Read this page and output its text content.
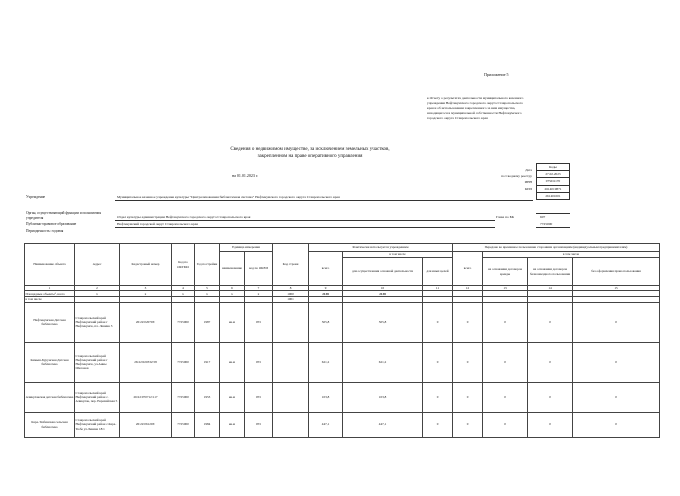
Приложение 5
к Отчету о результатах деятельности муниципального казенного
учреждения Нефтекумского городского округа Ставропольского
края и об использовании закрепленного за ним имущества,
находящегося в муниципальной собственности Нефтекумского
городского округа Ставропольского края
Сведения о недвижимом имуществе, за исключением земельных участков,
закрепленном на праве оперативного управления
на 01.01.2023 г.
Коды
27.02.2023
07SD1170
2614019871
261401001
Дата
по Сводному реестру
ИНН
КПП
Учреждение	Муниципальное казенное учреждение культуры "Централизованная библиотечная система" Нефтекумского городского округа Ставропольского края
Орган, осуществляющий функции и полномочия учредителя	Отдел культуры администрации Нефтекумского городского округа Ставропольского края	Глава по БК	607
Публично-правовое образование	Нефтекумский городской округ Ставропольского края	7725000
Периодичность: годовая
Наименование объекта	Адрес	Кадастровый номер	Код по ОКТМО	Год постройки	Единица измерения		Код строки	Фактически используется учреждением			Передано во временное пользование сторонним организациям (индивидуальным предпринимателям)			
					наименование	код по ОКЕИ		всего	в том числе		всего	в том числе		
									для осуществления основной деятельности	для иных целей		на основании договоров аренды	на основании договоров безвозмездного пользования	без оформления права пользования

1	2	3	4	5	6	7	8	9	10	11	12	13	14	15
Площадные объекты¹, всего	x	x	x	x	x	x	1000	2138	2138					
в том числе							1001							
Нефтекумская Детская библиотека	Ставропольский край Нефтекумский район г Нефтекумск, пл. Ленина 3	26:22:020703:	7725000	1987	кв.м	055		505,8	505,8	0	0	0	0	0
Камыш-Бурунская Детская библиотека	Ставропольский край Нефтекумский район г Нефтекумск, ул.Анны Шелонов	26:22:020332:58	7725000	1917	кв.м	055		621,2	621,2	0	0	0	0	0
Ачикулакская детская библиотека	Ставропольский край Нефтекумский район с. Ачикулак, пер. Евразийская 5	26:22:070712:117	7725000	1953	кв.м	055		103,8	103,8	0	0	0	0	0
Кара-Тюбинская сельская библиотека	Ставропольский край Нефтекумский район с.Кара-Тюбе ул.Ленина 18/1	26:22:061203:	7725000	1984	кв.м	055		447,1	447,1	0	0	0	0	0
